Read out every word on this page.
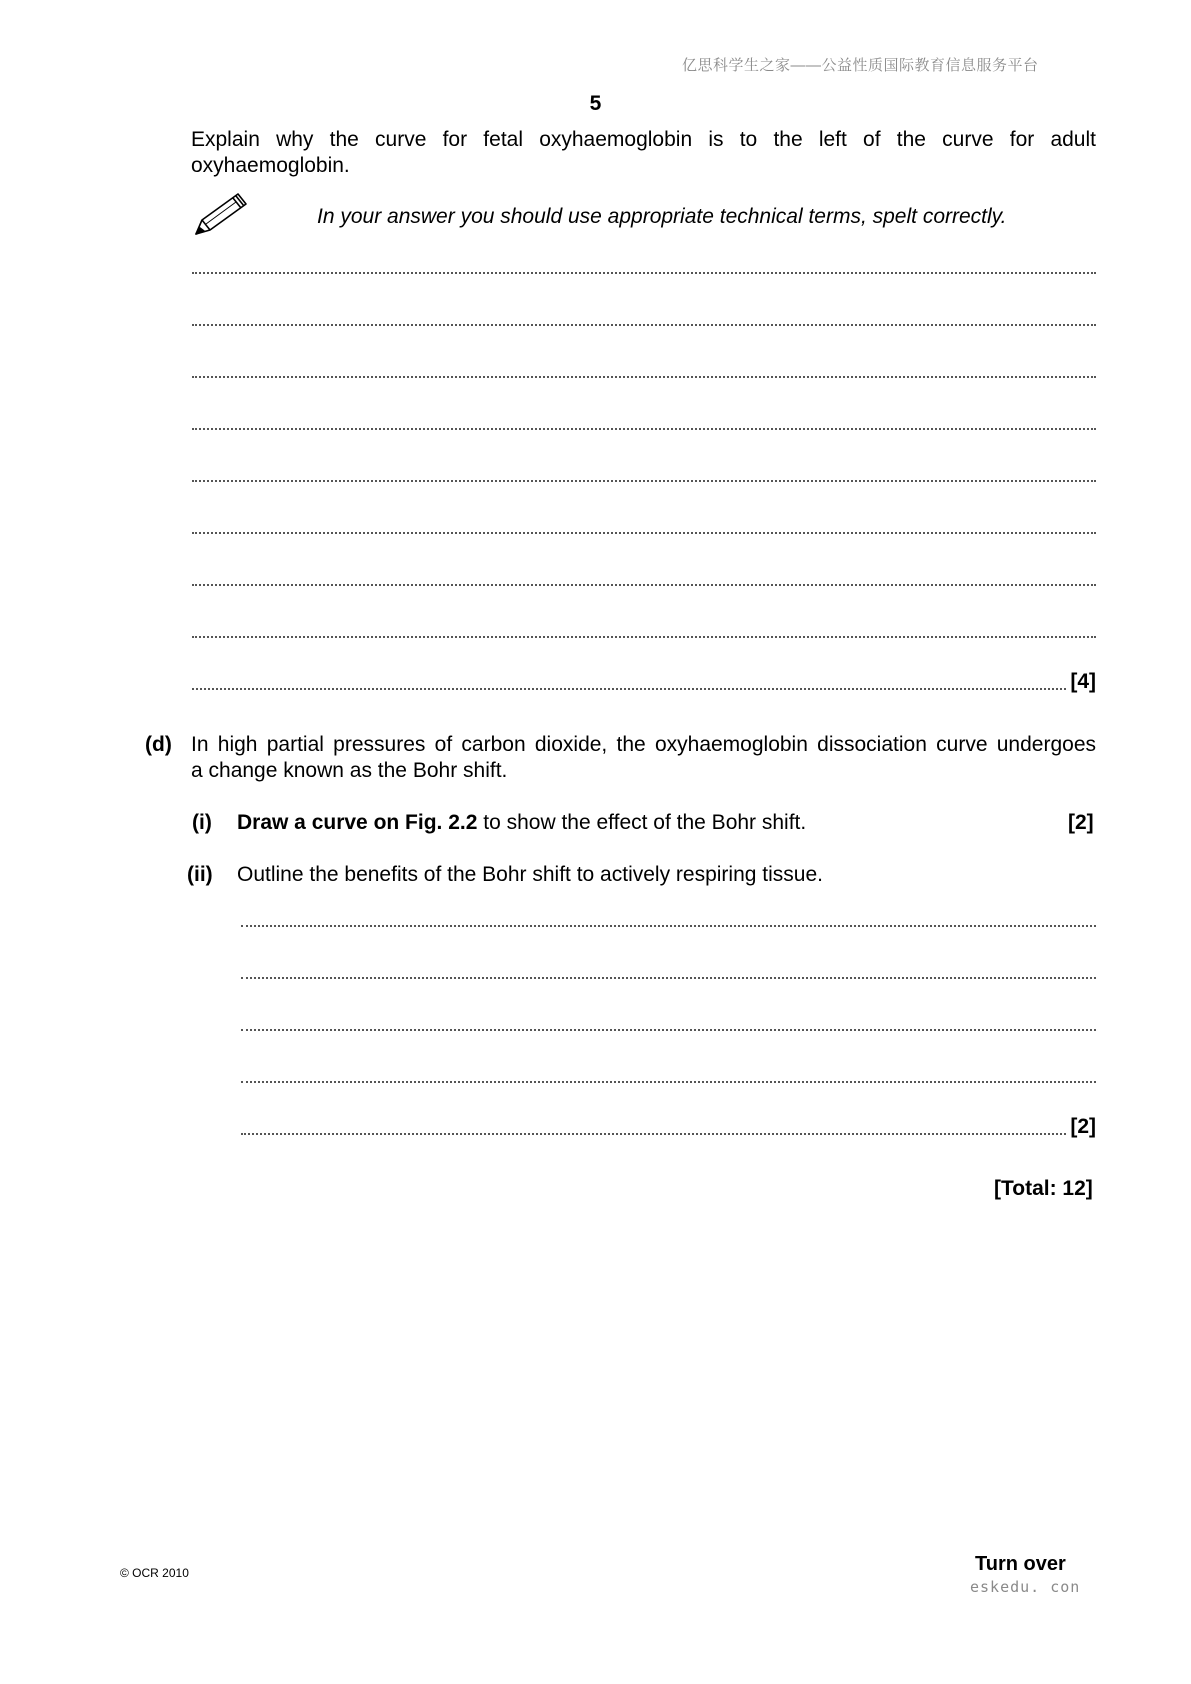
亿思科学生之家——公益性质国际教育信息服务平台
5
Explain why the curve for fetal oxyhaemoglobin is to the left of the curve for adult
oxyhaemoglobin.
In your answer you should use appropriate technical terms, spelt correctly.
[4]
(d) In high partial pressures of carbon dioxide, the oxyhaemoglobin dissociation curve undergoes
a change known as the Bohr shift.
(i) Draw a curve on Fig. 2.2 to show the effect of the Bohr shift.	[2]
(ii) Outline the benefits of the Bohr shift to actively respiring tissue.
[2]
[Total: 12]
© OCR 2010	Turn over
eskedu. con
